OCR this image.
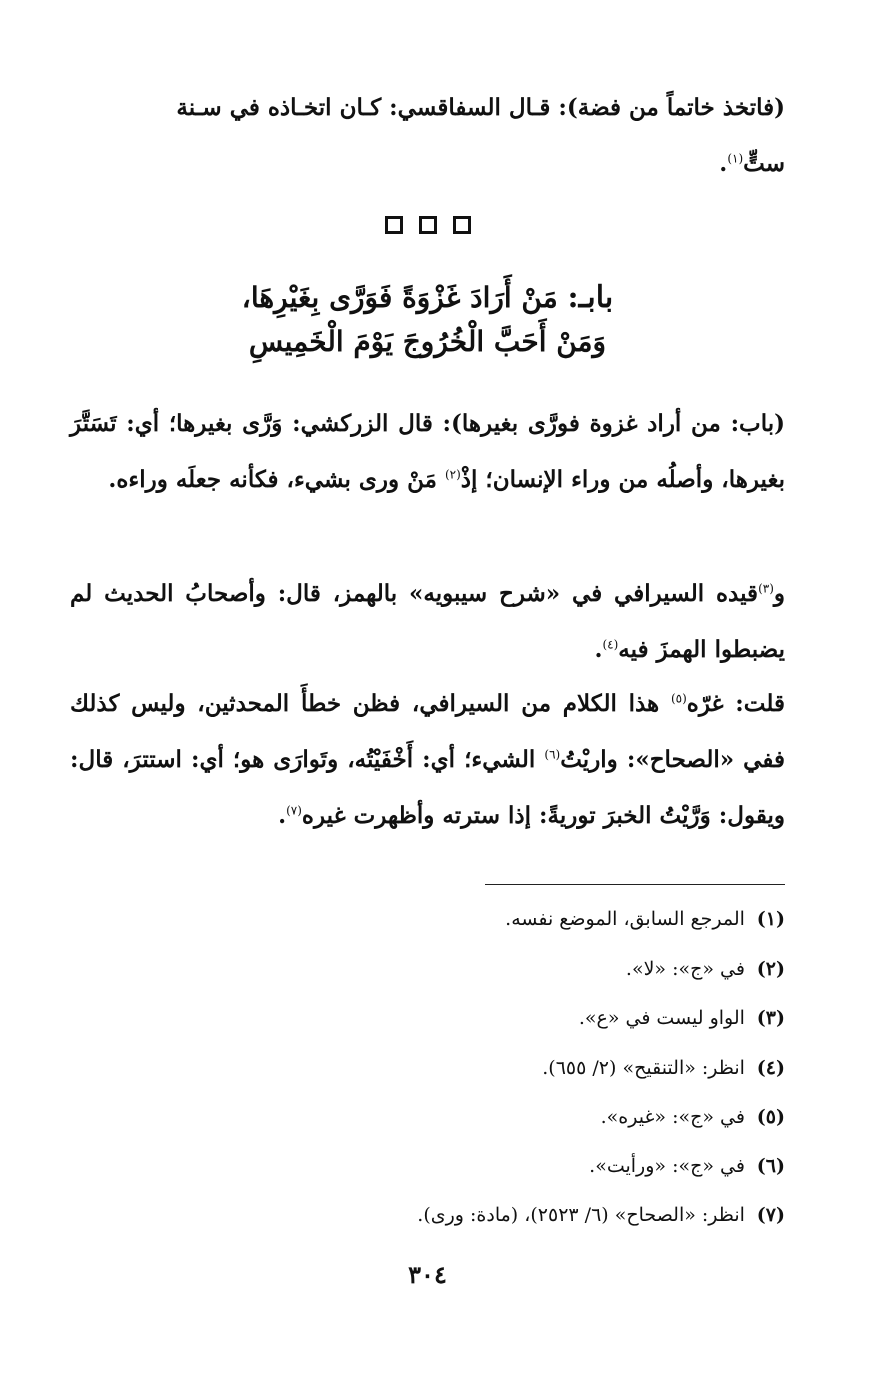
(فاتخذ خاتماً من فضة): قـال السفاقسي: كـان اتخـاذه في سـنة
ستٍّ$^{(١)}$.

بابـ: مَنْ أَرَادَ غَزْوَةً فَوَرَّى بِغَيْرِهَا،
وَمَنْ أَحَبَّ الْخُرُوجَ يَوْمَ الْخَمِيسِ

(باب: من أراد غزوة فورَّى بغيرها): قال الزركشي: وَرَّى بغيرها؛ أي: تَسَتَّرَ بغيرها، وأصلُه من وراء الإنسان؛ إذْ$^{(٢)}$ مَنْ ورى بشيء، فكأنه جعلَه وراءه.

و$^{(٣)}$قيده السيرافي في «شرح سيبويه» بالهمز، قال: وأصحابُ الحديث لم يضبطوا الهمزَ فيه$^{(٤)}$.

قلت: غرّه$^{(٥)}$ هذا الكلام من السيرافي، فظن خطأَ المحدثين، وليس كذلك ففي «الصحاح»: واريْتُ$^{(٦)}$ الشيء؛ أي: أَخْفَيْتُه، وتَوارَى هو؛ أي: استترَ، قال: ويقول: وَرَّيْتُ الخبرَ توريةً: إذا سترته وأظهرت غيره$^{(٧)}$.

(١) المرجع السابق، الموضع نفسه.
(٢) في «ج»: «لا».
(٣) الواو ليست في «ع».
(٤) انظر: «التنقيح» (٢/ ٦٥٥).
(٥) في «ج»: «غيره».
(٦) في «ج»: «ورأيت».
(٧) انظر: «الصحاح» (٦/ ٢٥٢٣)، (مادة: ورى).
٣٠٤
